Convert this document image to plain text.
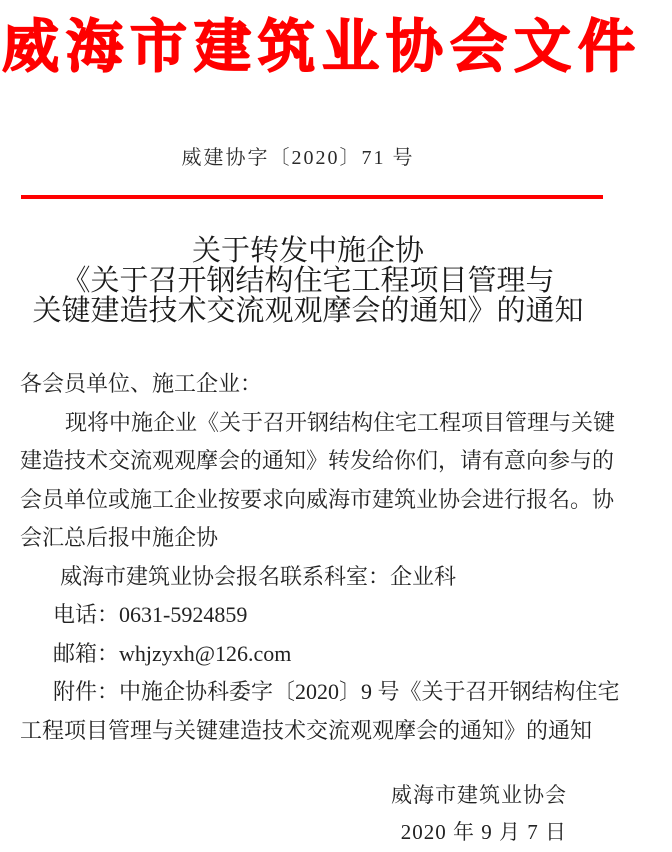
威海市建筑业协会文件
威建协字〔2020〕71 号
关于转发中施企协
《关于召开钢结构住宅工程项目管理与
关键建造技术交流观观摩会的通知》的通知
各会员单位、施工企业：
现将中施企业《关于召开钢结构住宅工程项目管理与关键
建造技术交流观观摩会的通知》转发给你们，请有意向参与的
会员单位或施工企业按要求向威海市建筑业协会进行报名。协
会汇总后报中施企协
威海市建筑业协会报名联系科室：企业科
电话：0631-5924859
邮箱：whjzyxh@126.com
附件：中施企协科委字〔2020〕9 号《关于召开钢结构住宅
工程项目管理与关键建造技术交流观观摩会的通知》的通知
威海市建筑业协会
2020 年 9 月 7 日
